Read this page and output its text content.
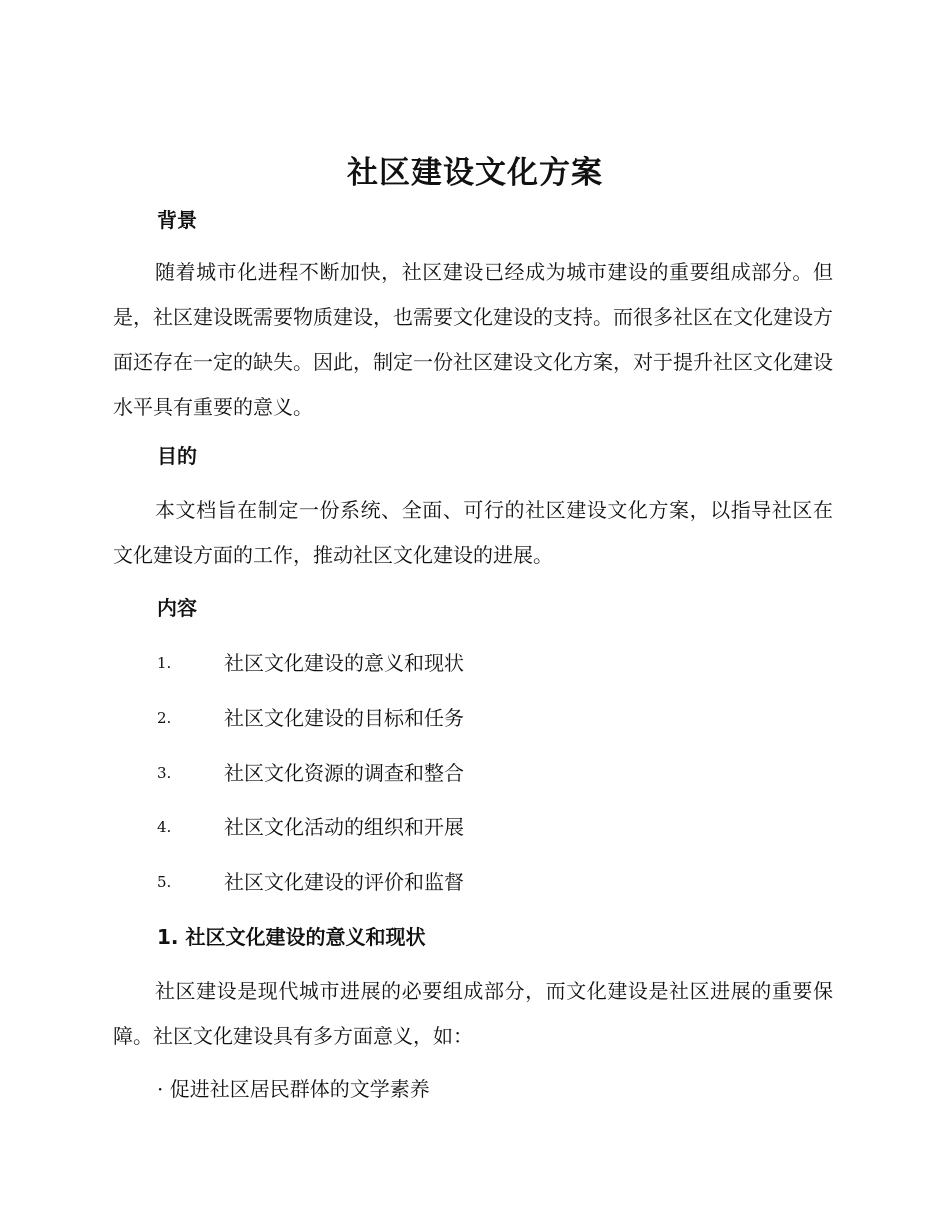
社区建设文化方案
背景

随着城市化进程不断加快，社区建设已经成为城市建设的重要组成部分。但是，社区建设既需要物质建设，也需要文化建设的支持。而很多社区在文化建设方面还存在一定的缺失。因此，制定一份社区建设文化方案，对于提升社区文化建设水平具有重要的意义。

目的

本文档旨在制定一份系统、全面、可行的社区建设文化方案，以指导社区在文化建设方面的工作，推动社区文化建设的进展。

内容
1.	社区文化建设的意义和现状
2.	社区文化建设的目标和任务
3.	社区文化资源的调查和整合
4.	社区文化活动的组织和开展
5.	社区文化建设的评价和监督
1. 社区文化建设的意义和现状

社区建设是现代城市进展的必要组成部分，而文化建设是社区进展的重要保障。社区文化建设具有多方面意义，如：

· 促进社区居民群体的文学素养
